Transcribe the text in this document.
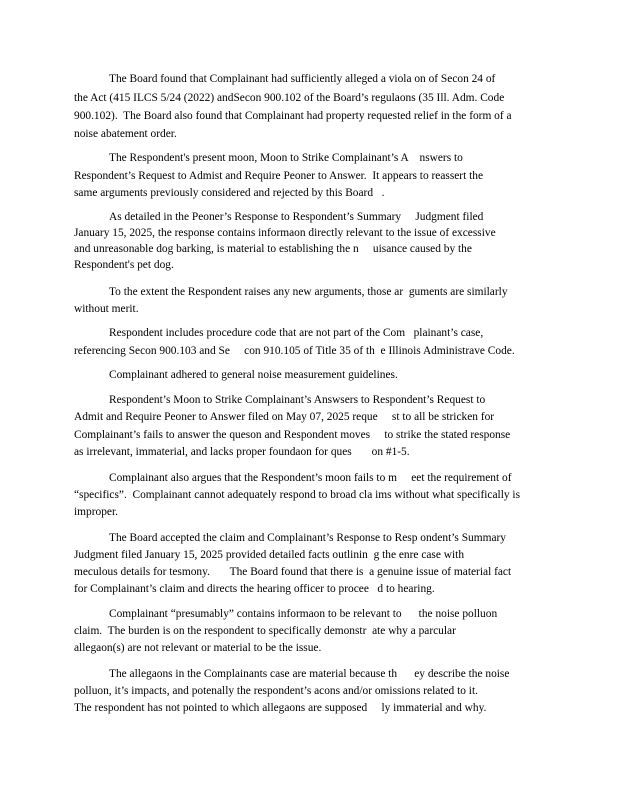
The Board found that Complainant had sufficiently alleged a viola on of Secon 24 of
the Act (415 ILCS 5/24 (2022) andSecon 900.102 of the Board’s regulaons (35 Ill. Adm. Code
900.102).  The Board also found that Complainant had property requested relief in the form of a
noise abatement order.
The Respondent's present moon, Moon to Strike Complainant’s A    nswers to
Respondent’s Request to Admist and Require Peoner to Answer.  It appears to reassert the
same arguments previously considered and rejected by this Board   .
As detailed in the Peoner’s Response to Respondent’s Summary     Judgment filed
January 15, 2025, the response contains informaon directly relevant to the issue of excessive
and unreasonable dog barking, is material to establishing the n     uisance caused by the
Respondent's pet dog.
To the extent the Respondent raises any new arguments, those ar  guments are similarly
without merit.
Respondent includes procedure code that are not part of the Com   plainant’s case,
referencing Secon 900.103 and Se     con 910.105 of Title 35 of th  e Illinois Administrave Code.
Complainant adhered to general noise measurement guidelines.
Respondent’s Moon to Strike Complainant’s Answsers to Respondent’s Request to
Admit and Require Peoner to Answer filed on May 07, 2025 reque     st to all be stricken for
Complainant’s fails to answer the queson and Respondent moves     to strike the stated response
as irrelevant, immaterial, and lacks proper foundaon for ques       on #1-5.
Complainant also argues that the Respondent’s moon fails to m     eet the requirement of
“specifics”.  Complainant cannot adequately respond to broad cla ims without what specifically is
improper.
The Board accepted the claim and Complainant’s Response to Resp ondent’s Summary
Judgment filed January 15, 2025 provided detailed facts outlinin  g the enre case with
meculous details for tesmony.       The Board found that there is  a genuine issue of material fact
for Complainant’s claim and directs the hearing officer to procee   d to hearing.
Complainant “presumably” contains informaon to be relevant to      the noise polluon
claim.  The burden is on the respondent to specifically demonstr  ate why a parcular
allegaon(s) are not relevant or material to be the issue.
The allegaons in the Complainants case are material because th      ey describe the noise
polluon, it’s impacts, and potenally the respondent’s acons and/or omissions related to it.
The respondent has not pointed to which allegaons are supposed     ly immaterial and why.
